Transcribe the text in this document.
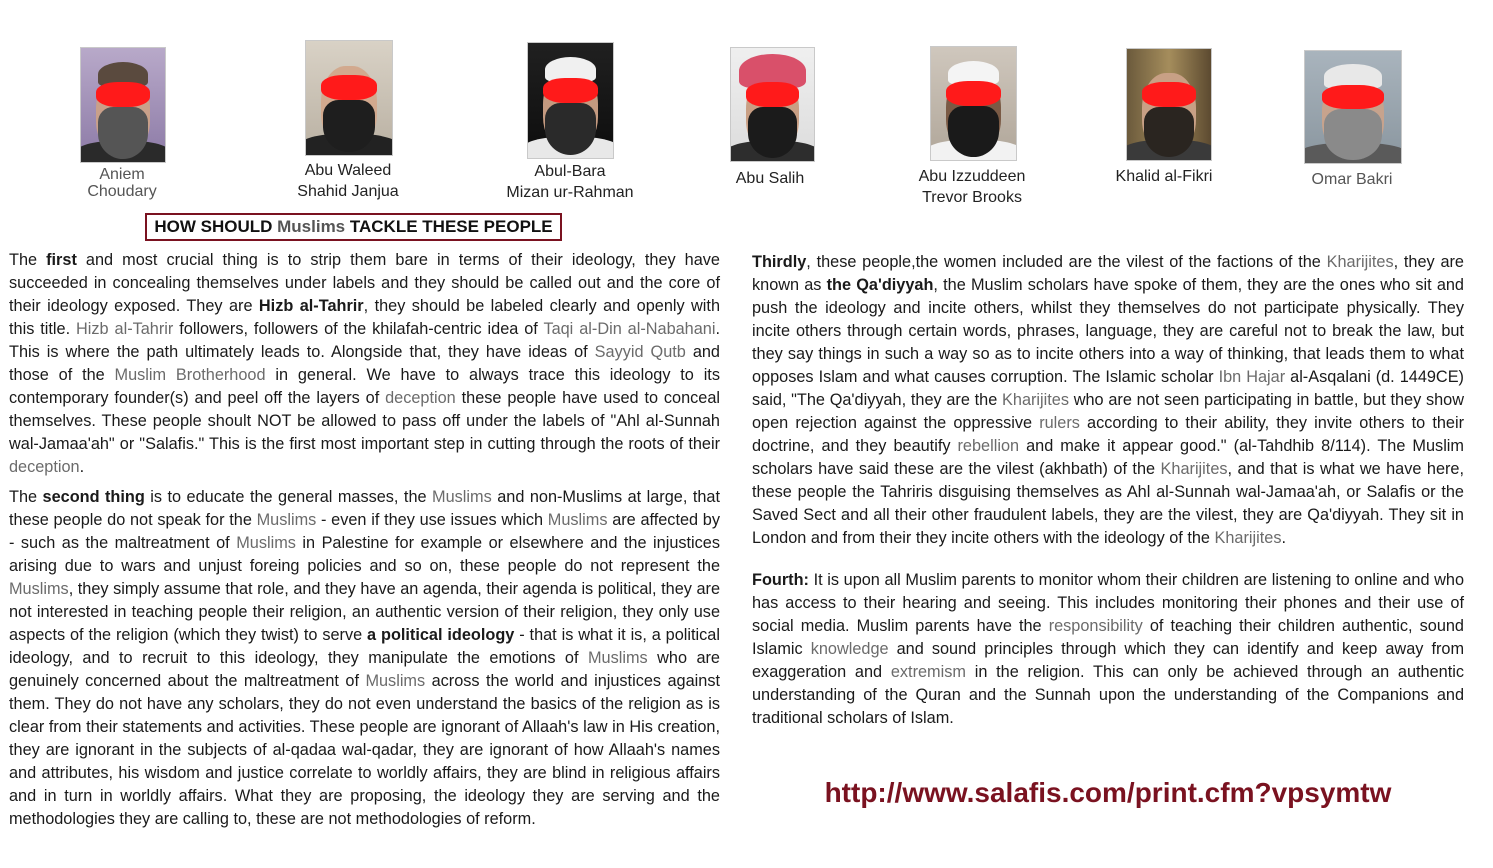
Aniem
Choudary
Abu Waleed
Shahid Janjua
Abul-Bara
Mizan ur-Rahman
Abu Salih	Abu Izzuddeen
Trevor Brooks
Khalid al-Fikri	Omar Bakri
HOW SHOULD Muslims TACKLE THESE PEOPLE

The first and most crucial thing is to strip them bare in terms of their ideology, they have succeeded in concealing themselves under labels and they should be called out and the core of their ideology exposed. They are Hizb al-Tahrir, they should be labeled clearly and openly with this title. Hizb al-Tahrir followers, followers of the khilafah-centric idea of Taqi al-Din al-Nabahani. This is where the path ultimately leads to. Alongside that, they have ideas of Sayyid Qutb and those of the Muslim Brotherhood in general. We have to always trace this ideology to its contemporary founder(s) and peel off the layers of deception these people have used to conceal themselves. These people shoult NOT be allowed to pass off under the labels of "Ahl al-Sunnah wal-Jamaa'ah" or "Salafis." This is the first most important step in cutting through the roots of their deception.

The second thing is to educate the general masses, the Muslims and non-Muslims at large, that these people do not speak for the Muslims - even if they use issues which Muslims are affected by - such as the maltreatment of Muslims in Palestine for example or elsewhere and the injustices arising due to wars and unjust foreing policies and so on, these people do not represent the Muslims, they simply assume that role, and they have an agenda, their agenda is political, they are not interested in teaching people their religion, an authentic version of their religion, they only use aspects of the religion (which they twist) to serve a political ideology - that is what it is, a political ideology, and to recruit to this ideology, they manipulate the emotions of Muslims who are genuinely concerned about the maltreatment of Muslims across the world and injustices against them. They do not have any scholars, they do not even understand the basics of the religion as is clear from their statements and activities. These people are ignorant of Allaah's law in His creation, they are ignorant in the subjects of al-qadaa wal-qadar, they are ignorant of how Allaah's names and attributes, his wisdom and justice correlate to worldly affairs, they are blind in religious affairs and in turn in worldly affairs. What they are proposing, the ideology they are serving and the methodologies they are calling to, these are not methodologies of reform.

Thirdly, these people,the women included are the vilest of the factions of the Kharijites, they are known as the Qa'diyyah, the Muslim scholars have spoke of them, they are the ones who sit and push the ideology and incite others, whilst they themselves do not participate physically. They incite others through certain words, phrases, language, they are careful not to break the law, but they say things in such a way so as to incite others into a way of thinking, that leads them to what opposes Islam and what causes corruption. The Islamic scholar Ibn Hajar al-Asqalani (d. 1449CE) said, "The Qa'diyyah, they are the Kharijites who are not seen participating in battle, but they show open rejection against the oppressive rulers according to their ability, they invite others to their doctrine, and they beautify rebellion and make it appear good." (al-Tahdhib 8/114). The Muslim scholars have said these are the vilest (akhbath) of the Kharijites, and that is what we have here, these people the Tahriris disguising themselves as Ahl al-Sunnah wal-Jamaa'ah, or Salafis or the Saved Sect and all their other fraudulent labels, they are the vilest, they are Qa'diyyah. They sit in London and from their they incite others with the ideology of the Kharijites.

Fourth: It is upon all Muslim parents to monitor whom their children are listening to online and who has access to their hearing and seeing. This includes monitoring their phones and their use of social media. Muslim parents have the responsibility of teaching their children authentic, sound Islamic knowledge and sound principles through which they can identify and keep away from exaggeration and extremism in the religion. This can only be achieved through an authentic understanding of the Quran and the Sunnah upon the understanding of the Companions and traditional scholars of Islam.

http://www.salafis.com/print.cfm?vpsymtw
